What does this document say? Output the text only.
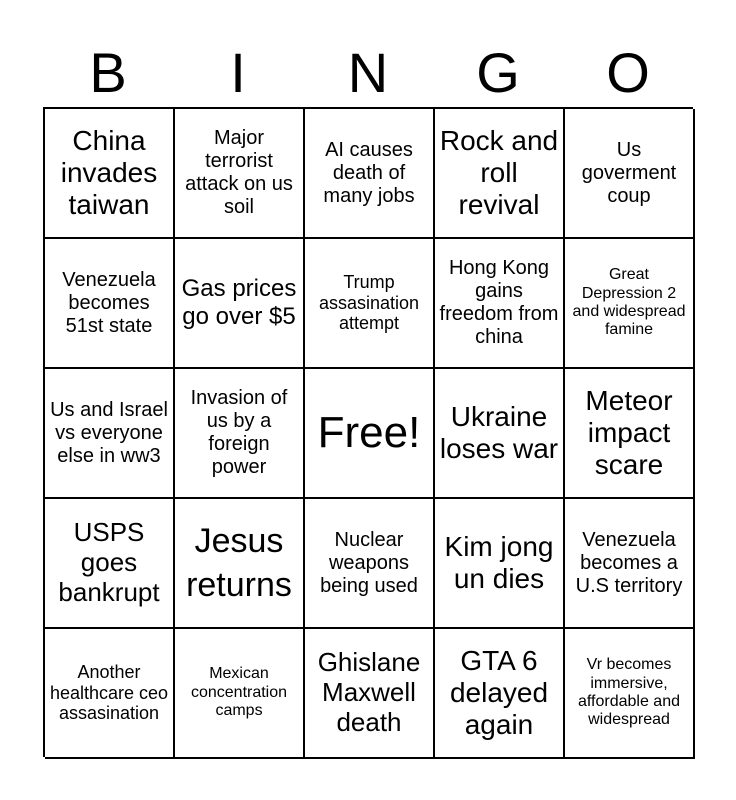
B	I	N	G	O
China invades taiwan
Major terrorist attack on us soil
AI causes death of many jobs
Rock and roll revival
Us goverment coup
Venezuela becomes 51st state
Gas prices go over $5
Trump assasination attempt
Hong Kong gains freedom from china
Great Depression 2 and widespread famine
Us and Israel vs everyone else in ww3
Invasion of us by a foreign power
Free!	Ukraine loses war
Meteor impact scare
USPS goes bankrupt
Jesus returns
Nuclear weapons being used
Kim jong un dies
Venezuela becomes a U.S territory
Another healthcare ceo assasination
Mexican concentration camps
Ghislane Maxwell death
GTA 6 delayed again
Vr becomes immersive, affordable and widespread
